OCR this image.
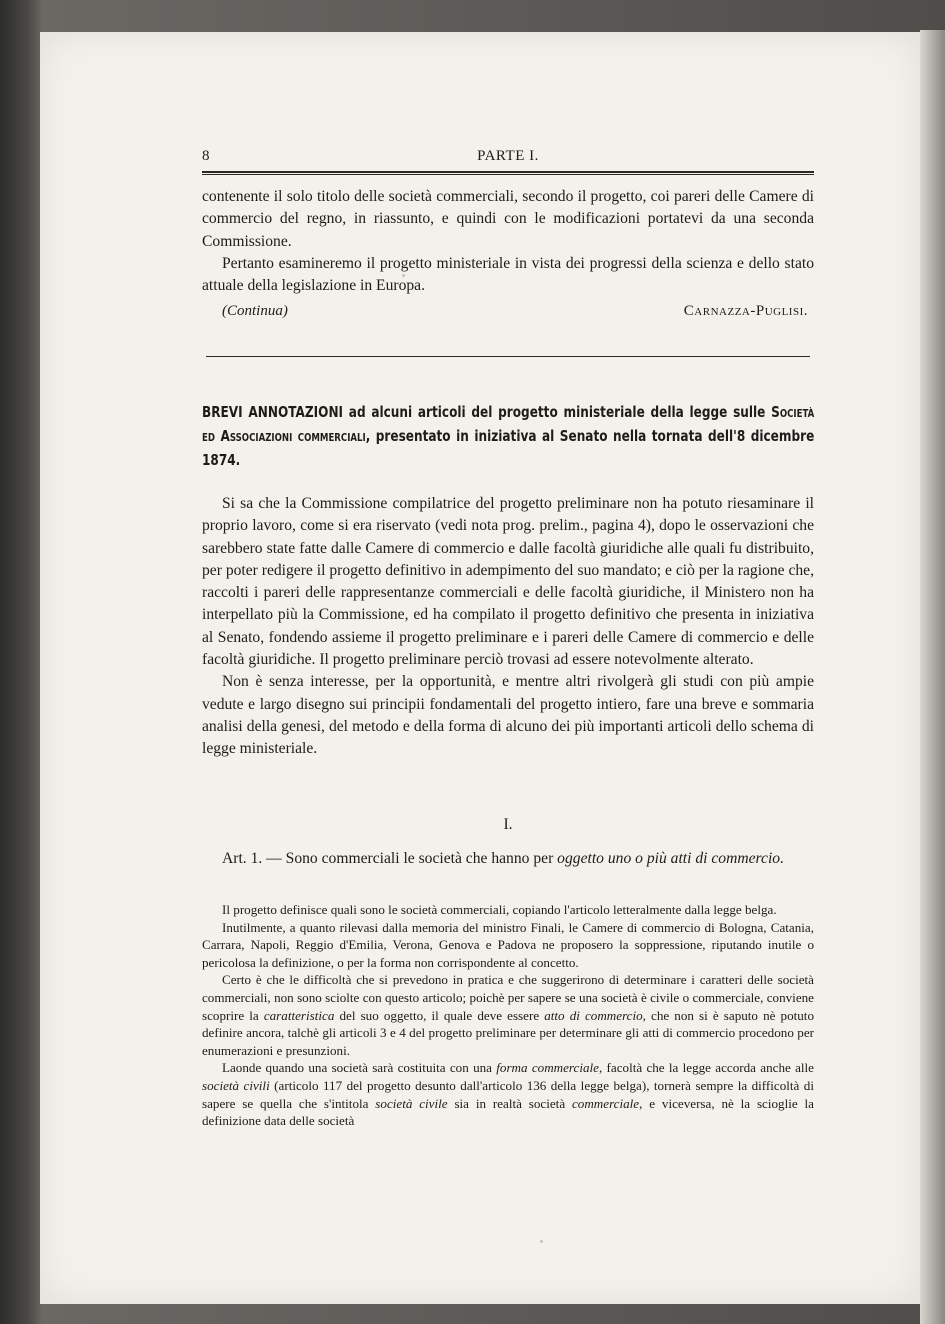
8	PARTE I.

contenente il solo titolo delle società commerciali, secondo il progetto, coi pareri delle Camere di commercio del regno, in riassunto, e quindi con le modificazioni portatevi da una seconda Commissione.

Pertanto esamineremo il progetto ministeriale in vista dei progressi della scienza e dello stato attuale della legislazione in Europa.

(Continua)	Carnazza-Puglisi.
BREVI ANNOTAZIONI ad alcuni articoli del progetto ministeriale della legge sulle Società ed Associazioni commerciali, presentato in iniziativa al Senato nella tornata dell'8 dicembre 1874.

Si sa che la Commissione compilatrice del progetto preliminare non ha potuto riesaminare il proprio lavoro, come si era riservato (vedi nota prog. prelim., pagina 4), dopo le osservazioni che sarebbero state fatte dalle Camere di commercio e dalle facoltà giuridiche alle quali fu distribuito, per poter redigere il progetto definitivo in adempimento del suo mandato; e ciò per la ragione che, raccolti i pareri delle rappresentanze commerciali e delle facoltà giuridiche, il Ministero non ha interpellato più la Commissione, ed ha compilato il progetto definitivo che presenta in iniziativa al Senato, fondendo assieme il progetto preliminare e i pareri delle Camere di commercio e delle facoltà giuridiche. Il progetto preliminare perciò trovasi ad essere notevolmente alterato.

Non è senza interesse, per la opportunità, e mentre altri rivolgerà gli studi con più ampie vedute e largo disegno sui principii fondamentali del progetto intiero, fare una breve e sommaria analisi della genesi, del metodo e della forma di alcuno dei più importanti articoli dello schema di legge ministeriale.

I.

Art. 1. — Sono commerciali le società che hanno per oggetto uno o più atti di commercio.

Il progetto definisce quali sono le società commerciali, copiando l'articolo letteralmente dalla legge belga.

Inutilmente, a quanto rilevasi dalla memoria del ministro Finali, le Camere di commercio di Bologna, Catania, Carrara, Napoli, Reggio d'Emilia, Verona, Genova e Padova ne proposero la soppressione, riputando inutile o pericolosa la definizione, o per la forma non corrispondente al concetto.

Certo è che le difficoltà che si prevedono in pratica e che suggerirono di determinare i caratteri delle società commerciali, non sono sciolte con questo articolo; poichè per sapere se una società è civile o commerciale, conviene scoprire la caratteristica del suo oggetto, il quale deve essere atto di commercio, che non si è saputo nè potuto definire ancora, talchè gli articoli 3 e 4 del progetto preliminare per determinare gli atti di commercio procedono per enumerazioni e presunzioni.

Laonde quando una società sarà costituita con una forma commerciale, facoltà che la legge accorda anche alle società civili (articolo 117 del progetto desunto dall'articolo 136 della legge belga), tornerà sempre la difficoltà di sapere se quella che s'intitola società civile sia in realtà società commerciale, e viceversa, nè la scioglie la definizione data delle società
